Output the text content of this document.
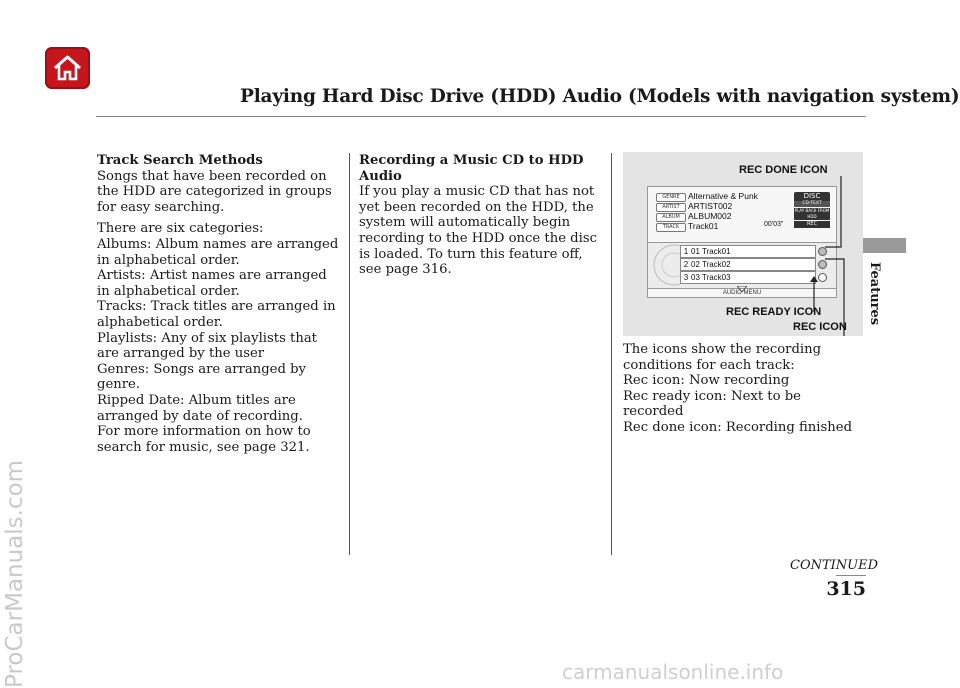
Playing Hard Disc Drive (HDD) Audio (Models with navigation system)
Features
ProCarManuals.com

Track Search Methods

Songs that have been recorded on the HDD are categorized in groups for easy searching.

There are six categories:

Albums: Album names are arranged in alphabetical order.

Artists: Artist names are arranged in alphabetical order.

Tracks: Track titles are arranged in alphabetical order.

Playlists: Any of six playlists that are arranged by the user

Genres: Songs are arranged by genre.

Ripped Date: Album titles are arranged by date of recording.

For more information on how to search for music, see page 321.

Recording a Music CD to HDD Audio

If you play a music CD that has not yet been recorded on the HDD, the system will automatically begin recording to the HDD once the disc is loaded. To turn this feature off, see page 316.

REC DONE ICON
GENRE
ARTIST
ALBUM
TRACK
Alternative & Punk
ARTIST002
ALBUM002
Track01	00'03"
DISC
CD-TEXT
PLAY BACK FROM HDD
REC
1 01 Track01
2 02 Track02
3 03 Track03
AUDIO MENU
REC READY ICON
REC ICON

The icons show the recording conditions for each track:

Rec icon: Now recording

Rec ready icon: Next to be recorded

Rec done icon: Recording finished

CONTINUED
315
carmanualsonline.info
